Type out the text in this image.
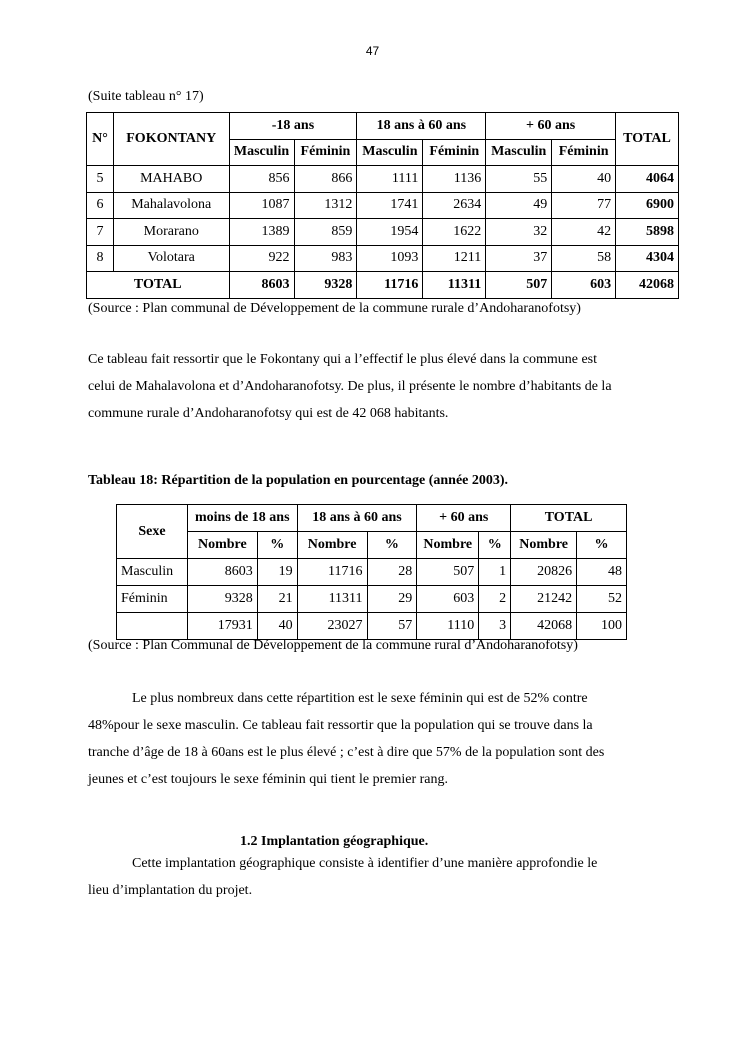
47
(Suite tableau n° 17)
N°	FOKONTANY	-18 ans		18 ans à 60 ans		+ 60 ans		TOTAL
		Masculin	Féminin	Masculin	Féminin	Masculin	Féminin	
5	MAHABO	856	866	1111	1136	55	40	4064
6	Mahalavolona	1087	1312	1741	2634	49	77	6900
7	Morarano	1389	859	1954	1622	32	42	5898
8	Volotara	922	983	1093	1211	37	58	4304
TOTAL		8603	9328	11716	11311	507	603	42068
(Source : Plan communal de Développement de la commune rurale d’Andoharanofotsy)
Ce tableau fait ressortir que le Fokontany qui a l’effectif le plus élevé dans la commune est
celui de Mahalavolona et d’Andoharanofotsy. De plus, il présente le nombre d’habitants de la
commune rurale d’Andoharanofotsy qui est de 42 068 habitants.
Tableau 18: Répartition de la population en pourcentage (année 2003).
Sexe	moins de 18 ans		18 ans à 60 ans		+ 60 ans		TOTAL	
	Nombre	%	Nombre	%	Nombre	%	Nombre	%
Masculin	8603	19	11716	28	507	1	20826	48
Féminin	9328	21	11311	29	603	2	21242	52
	17931	40	23027	57	1110	3	42068	100
(Source : Plan Communal de Développement de la commune rural d’Andoharanofotsy)
Le plus nombreux dans cette répartition est le sexe féminin qui est de 52% contre
48%pour le sexe masculin. Ce tableau fait ressortir que la population qui se trouve dans la
tranche d’âge de 18 à 60ans est le plus élevé ; c’est à dire que 57% de la population sont des
jeunes et c’est toujours le sexe féminin qui tient le premier rang.
1.2 Implantation géographique.
Cette implantation géographique consiste à identifier d’une manière approfondie le
lieu d’implantation du projet.
